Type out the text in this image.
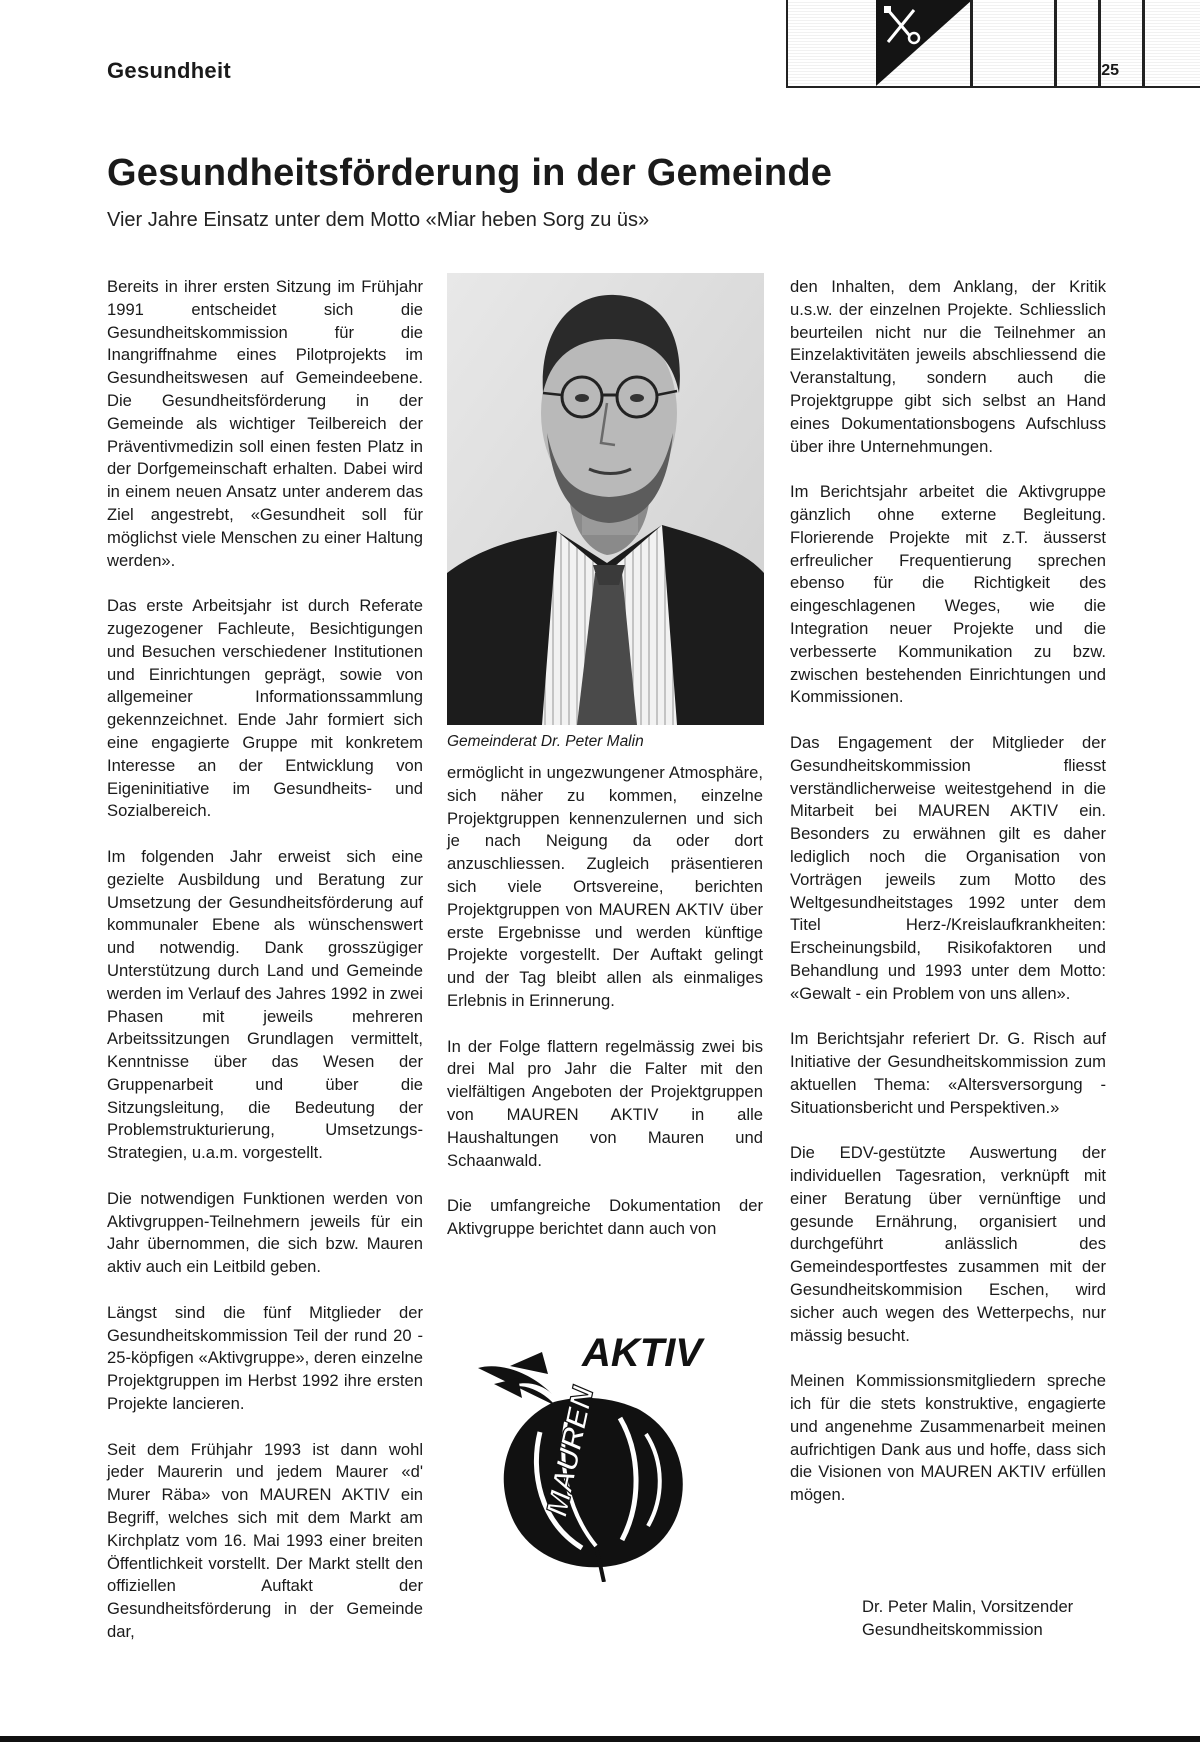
Gesundheit	25
Gesundheitsförderung in der Gemeinde

Vier Jahre Einsatz unter dem Motto «Miar heben Sorg zu üs»

Bereits in ihrer ersten Sitzung im Frühjahr 1991 entscheidet sich die Gesundheitskommission für die Inangriffnahme eines Pilotprojekts im Gesundheitswesen auf Gemeindeebene. Die Gesundheitsförderung in der Gemeinde als wichtiger Teilbereich der Präventivmedizin soll einen festen Platz in der Dorfgemeinschaft erhalten. Dabei wird in einem neuen Ansatz unter anderem das Ziel angestrebt, «Gesundheit soll für möglichst viele Menschen zu einer Haltung werden».

Das erste Arbeitsjahr ist durch Referate zugezogener Fachleute, Besichtigungen und Besuchen verschiedener Institutionen und Einrichtungen geprägt, sowie von allgemeiner Informationssammlung gekennzeichnet. Ende Jahr formiert sich eine engagierte Gruppe mit konkretem Interesse an der Entwicklung von Eigeninitiative im Gesundheits- und Sozialbereich.

Im folgenden Jahr erweist sich eine gezielte Ausbildung und Beratung zur Umsetzung der Gesundheitsförderung auf kommunaler Ebene als wünschenswert und notwendig. Dank grosszügiger Unterstützung durch Land und Gemeinde werden im Verlauf des Jahres 1992 in zwei Phasen mit jeweils mehreren Arbeitssitzungen Grundlagen vermittelt, Kenntnisse über das Wesen der Gruppenarbeit und über die Sitzungsleitung, die Bedeutung der Problemstrukturierung, Umsetzungs-Strategien, u.a.m. vorgestellt.

Die notwendigen Funktionen werden von Aktivgruppen-Teilnehmern jeweils für ein Jahr übernommen, die sich bzw. Mauren aktiv auch ein Leitbild geben.

Längst sind die fünf Mitglieder der Gesundheitskommission Teil der rund 20 - 25-köpfigen «Aktivgruppe», deren einzelne Projektgruppen im Herbst 1992 ihre ersten Projekte lancieren.

Seit dem Frühjahr 1993 ist dann wohl jeder Maurerin und jedem Maurer «d' Murer Räba» von MAUREN AKTIV ein Begriff, welches sich mit dem Markt am Kirchplatz vom 16. Mai 1993 einer breiten Öffentlichkeit vorstellt. Der Markt stellt den offiziellen Auftakt der Gesundheitsförderung in der Gemeinde dar,

Gemeinderat Dr. Peter Malin

ermöglicht in ungezwungener Atmosphäre, sich näher zu kommen, einzelne Projektgruppen kennenzulernen und sich je nach Neigung da oder dort anzuschliessen. Zugleich präsentieren sich viele Ortsvereine, berichten Projektgruppen von MAUREN AKTIV über erste Ergebnisse und werden künftige Projekte vorgestellt. Der Auftakt gelingt und der Tag bleibt allen als einmaliges Erlebnis in Erinnerung.

In der Folge flattern regelmässig zwei bis drei Mal pro Jahr die Falter mit den vielfältigen Angeboten der Projektgruppen von MAUREN AKTIV in alle Haushaltungen von Mauren und Schaanwald.

Die umfangreiche Dokumentation der Aktivgruppe berichtet dann auch von

MAUREN
AKTIV

den Inhalten, dem Anklang, der Kritik u.s.w. der einzelnen Projekte. Schliesslich beurteilen nicht nur die Teilnehmer an Einzelaktivitäten jeweils abschliessend die Veranstaltung, sondern auch die Projektgruppe gibt sich selbst an Hand eines Dokumentationsbogens Aufschluss über ihre Unternehmungen.

Im Berichtsjahr arbeitet die Aktivgruppe gänzlich ohne externe Begleitung. Florierende Projekte mit z.T. äusserst erfreulicher Frequentierung sprechen ebenso für die Richtigkeit des eingeschlagenen Weges, wie die Integration neuer Projekte und die verbesserte Kommunikation zu bzw. zwischen bestehenden Einrichtungen und Kommissionen.

Das Engagement der Mitglieder der Gesundheitskommission fliesst verständlicherweise weitestgehend in die Mitarbeit bei MAUREN AKTIV ein. Besonders zu erwähnen gilt es daher lediglich noch die Organisation von Vorträgen jeweils zum Motto des Weltgesundheitstages 1992 unter dem Titel Herz-/Kreislaufkrankheiten: Erscheinungsbild, Risikofaktoren und Behandlung und 1993 unter dem Motto: «Gewalt - ein Problem von uns allen».

Im Berichtsjahr referiert Dr. G. Risch auf Initiative der Gesundheitskommission zum aktuellen Thema: «Altersversorgung - Situationsbericht und Perspektiven.»

Die EDV-gestützte Auswertung der individuellen Tagesration, verknüpft mit einer Beratung über vernünftige und gesunde Ernährung, organisiert und durchgeführt anlässlich des Gemeindesportfestes zusammen mit der Gesundheitskommision Eschen, wird sicher auch wegen des Wetterpechs, nur mässig besucht.

Meinen Kommissionsmitgliedern spreche ich für die stets konstruktive, engagierte und angenehme Zusammenarbeit meinen aufrichtigen Dank aus und hoffe, dass sich die Visionen von MAUREN AKTIV erfüllen mögen.

Dr. Peter Malin, Vorsitzender
Gesundheitskommission
